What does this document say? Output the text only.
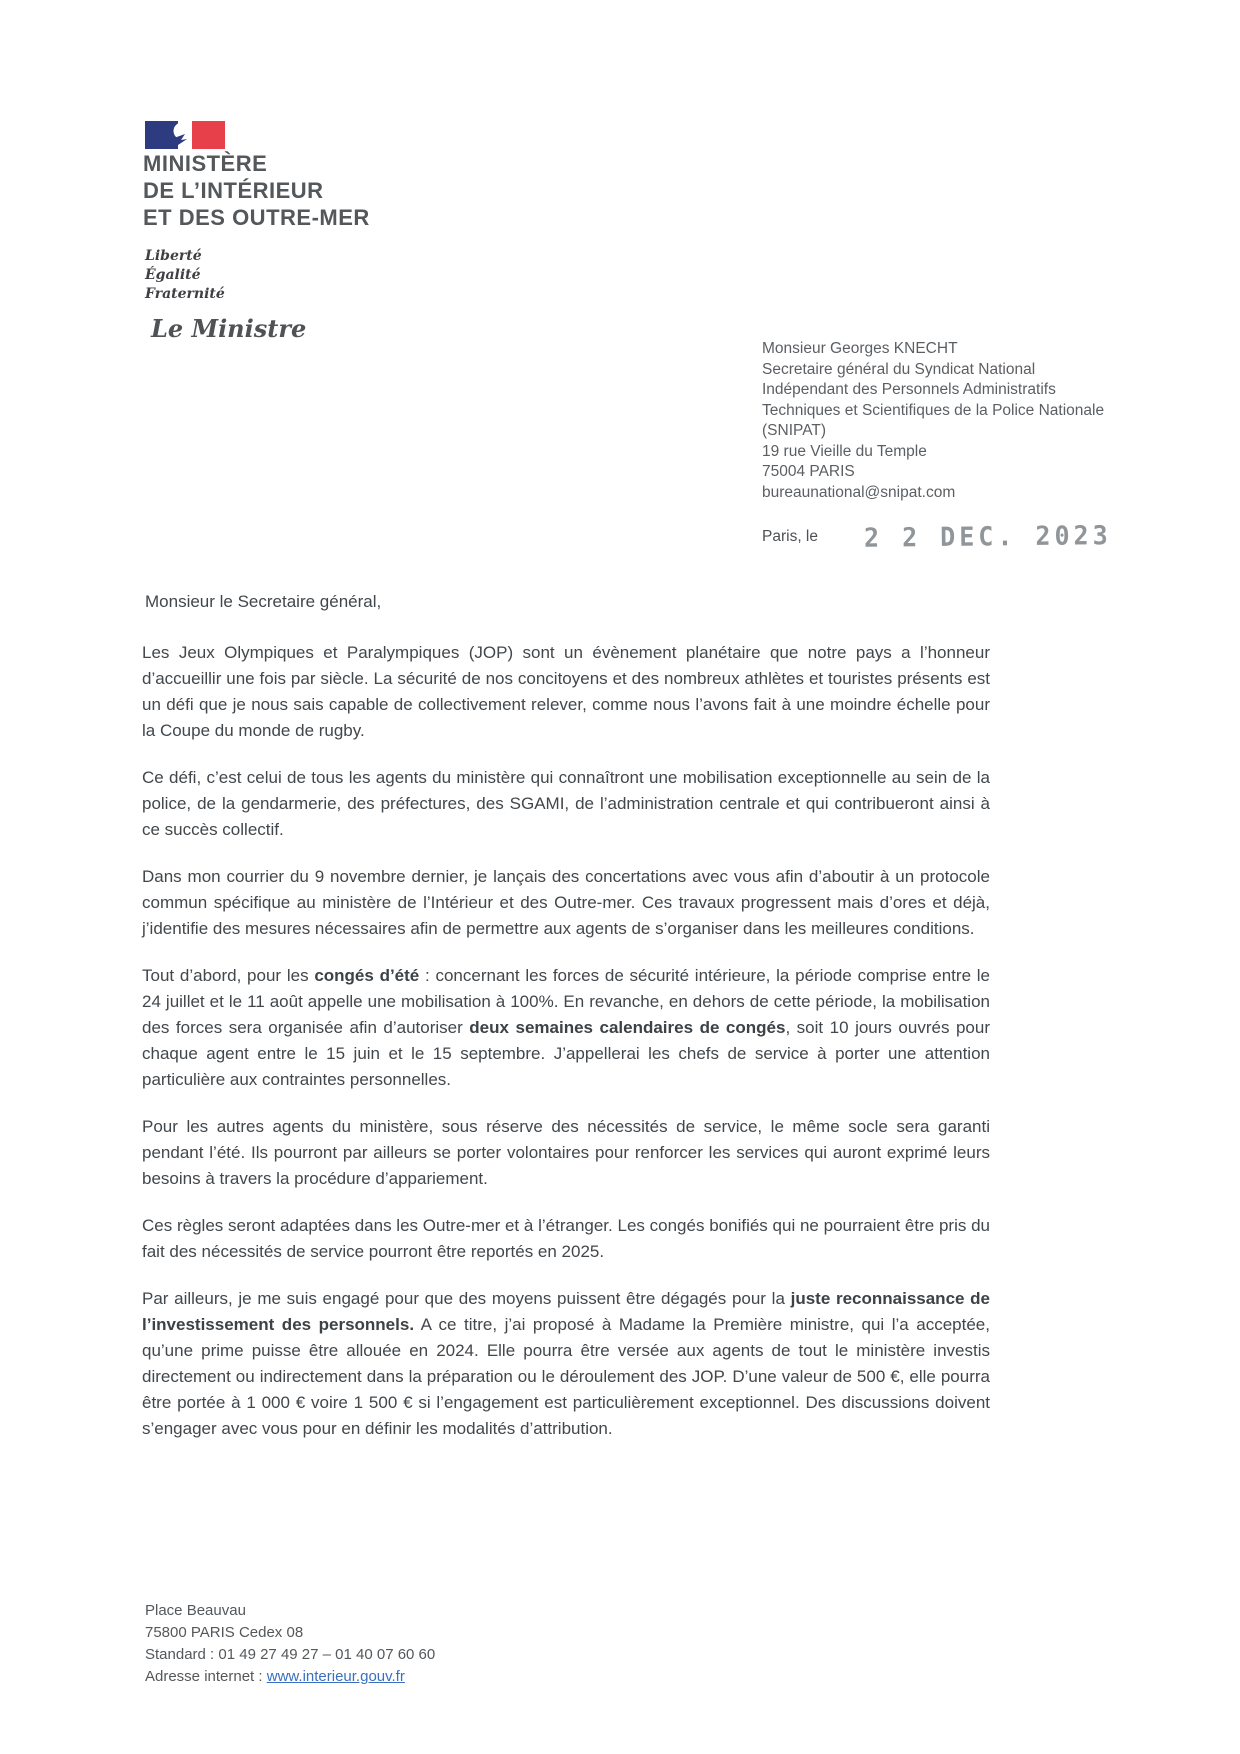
MINISTÈRE
DE L’INTÉRIEUR
ET DES OUTRE-MER
Liberté
Égalité
Fraternité
Le Ministre
Monsieur Georges KNECHT
Secretaire général du Syndicat National
Indépendant des Personnels Administratifs
Techniques et Scientifiques de la Police Nationale
(SNIPAT)
19 rue Vieille du Temple
75004 PARIS
bureaunational@snipat.com
Paris, le 2 2 DEC. 2023
Monsieur le Secretaire général,

Les Jeux Olympiques et Paralympiques (JOP) sont un évènement planétaire que notre pays a l’honneur d’accueillir une fois par siècle. La sécurité de nos concitoyens et des nombreux athlètes et touristes présents est un défi que je nous sais capable de collectivement relever, comme nous l’avons fait à une moindre échelle pour la Coupe du monde de rugby.

Ce défi, c’est celui de tous les agents du ministère qui connaîtront une mobilisation exceptionnelle au sein de la police, de la gendarmerie, des préfectures, des SGAMI, de l’administration centrale et qui contribueront ainsi à ce succès collectif.

Dans mon courrier du 9 novembre dernier, je lançais des concertations avec vous afin d’aboutir à un protocole commun spécifique au ministère de l’Intérieur et des Outre-mer. Ces travaux progressent mais d’ores et déjà, j’identifie des mesures nécessaires afin de permettre aux agents de s’organiser dans les meilleures conditions.

Tout d’abord, pour les congés d’été : concernant les forces de sécurité intérieure, la période comprise entre le 24 juillet et le 11 août appelle une mobilisation à 100%. En revanche, en dehors de cette période, la mobilisation des forces sera organisée afin d’autoriser deux semaines calendaires de congés, soit 10 jours ouvrés pour chaque agent entre le 15 juin et le 15 septembre. J’appellerai les chefs de service à porter une attention particulière aux contraintes personnelles.

Pour les autres agents du ministère, sous réserve des nécessités de service, le même socle sera garanti pendant l’été. Ils pourront par ailleurs se porter volontaires pour renforcer les services qui auront exprimé leurs besoins à travers la procédure d’appariement.

Ces règles seront adaptées dans les Outre-mer et à l’étranger. Les congés bonifiés qui ne pourraient être pris du fait des nécessités de service pourront être reportés en 2025.

Par ailleurs, je me suis engagé pour que des moyens puissent être dégagés pour la juste reconnaissance de l’investissement des personnels. A ce titre, j’ai proposé à Madame la Première ministre, qui l’a acceptée, qu’une prime puisse être allouée en 2024. Elle pourra être versée aux agents de tout le ministère investis directement ou indirectement dans la préparation ou le déroulement des JOP. D’une valeur de 500 €, elle pourra être portée à 1 000 € voire 1 500 € si l’engagement est particulièrement exceptionnel. Des discussions doivent s’engager avec vous pour en définir les modalités d’attribution.

Place Beauvau
75800 PARIS Cedex 08
Standard : 01 49 27 49 27 – 01 40 07 60 60
Adresse internet : www.interieur.gouv.fr
